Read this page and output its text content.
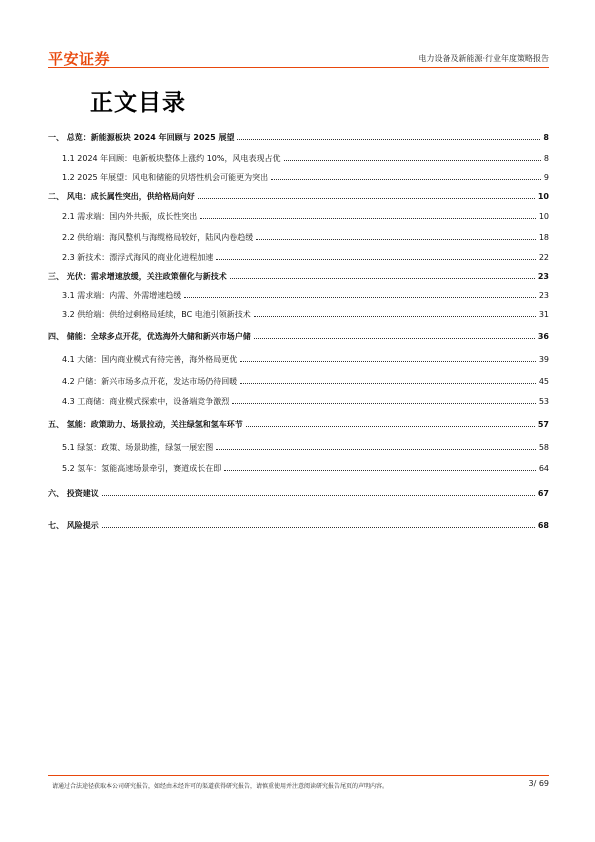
平安证券	电力设备及新能源·行业年度策略报告
正文目录
一、 总览：新能源板块 2024 年回顾与 2025 展望	8
1.1 2024 年回顾：电新板块整体上涨约 10%，风电表现占优	8
1.2 2025 年展望：风电和储能的贝塔性机会可能更为突出	9
二、 风电：成长属性突出，供给格局向好	10
2.1 需求端：国内外共振，成长性突出	10
2.2 供给端：海风整机与海缆格局较好，陆风内卷趋缓	18
2.3 新技术：漂浮式海风的商业化进程加速	22
三、 光伏：需求增速放缓，关注政策催化与新技术	23
3.1 需求端：内需、外需增速趋缓	23
3.2 供给端：供给过剩格局延续，BC 电池引领新技术	31
四、 储能：全球多点开花，优选海外大储和新兴市场户储	36
4.1 大储：国内商业模式有待完善，海外格局更优	39
4.2 户储：新兴市场多点开花，发达市场仍待回暖	45
4.3 工商储：商业模式探索中，设备端竞争激烈	53
五、 氢能：政策助力、场景拉动，关注绿氢和氢车环节	57
5.1 绿氢：政策、场景助推，绿氢一展宏图	58
5.2 氢车：氢能高速场景牵引，赛道成长在即	64
六、 投资建议	67
七、 风险提示	68
请通过合法途径获取本公司研究报告，如经由未经许可的渠道获得研究报告，请慎重使用并注意阅读研究报告尾页的声明内容。	3/ 69
